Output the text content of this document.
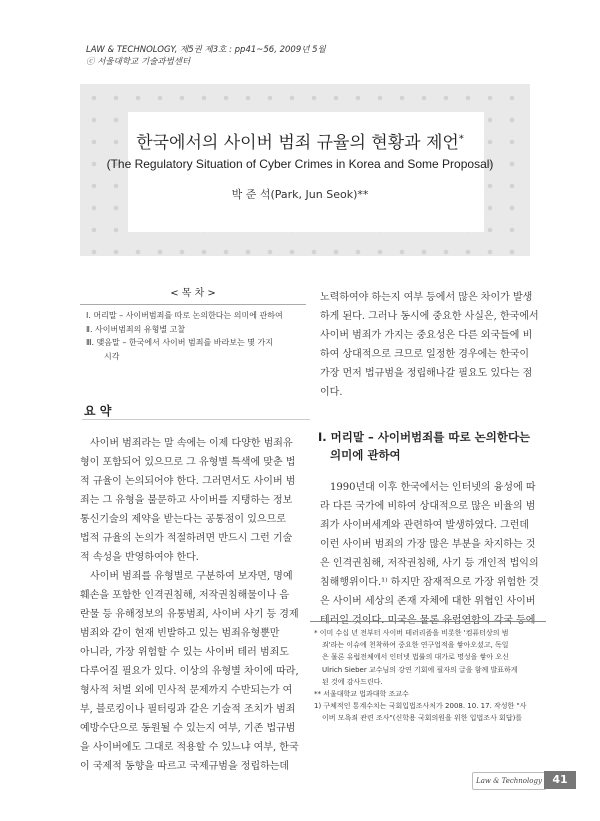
LAW & TECHNOLOGY, 제5권 제3호 : pp41~56, 2009년 5월
ⓒ 서울대학교 기술과법센터
한국에서의 사이버 범죄 규율의 현황과 제언*
(The Regulatory Situation of Cyber Crimes in Korea and Some Proposal)
박 준 석(Park, Jun Seok)**
< 목 차 >
Ⅰ. 머리말 – 사이버범죄를 따로 논의한다는 의미에 관하여
Ⅱ. 사이버범죄의 유형별 고찰
Ⅲ. 맺음말 – 한국에서 사이버 범죄를 바라보는 몇 가지
시각
요 약
사이버 범죄라는 말 속에는 이제 다양한 범죄유
형이 포함되어 있으므로 그 유형별 특색에 맞춘 법
적 규율이 논의되어야 한다. 그러면서도 사이버 범
죄는 그 유형을 불문하고 사이버를 지탱하는 정보
통신기술의 제약을 받는다는 공통점이 있으므로
법적 규율의 논의가 적절하려면 반드시 그런 기술
적 속성을 반영하여야 한다.
사이버 범죄를 유형별로 구분하여 보자면, 명예
훼손을 포함한 인격권침해, 저작권침해물이나 음
란물 등 유해정보의 유통범죄, 사이버 사기 등 경제
범죄와 같이 현재 빈발하고 있는 범죄유형뿐만
아니라, 가장 위험할 수 있는 사이버 테러 범죄도
다루어질 필요가 있다. 이상의 유형별 차이에 따라,
형사적 처벌 외에 민사적 문제까지 수반되는가 여
부, 블로킹이나 필터링과 같은 기술적 조치가 범죄
예방수단으로 동원될 수 있는지 여부, 기존 법규범
을 사이버에도 그대로 적용할 수 있느냐 여부, 한국
이 국제적 동향을 따르고 국제규범을 정립하는데
노력하여야 하는지 여부 등에서 많은 차이가 발생
하게 된다. 그러나 동시에 중요한 사실은, 한국에서
사이버 범죄가 가지는 중요성은 다른 외국들에 비
하여 상대적으로 크므로 일정한 경우에는 한국이
가장 먼저 법규범을 정립해나갈 필요도 있다는 점
이다.
Ⅰ. 머리말 – 사이버범죄를 따로 논의한다는
의미에 관하여
1990년대 이후 한국에서는 인터넷의 융성에 따
라 다른 국가에 비하여 상대적으로 많은 비율의 범
죄가 사이버세계와 관련하여 발생하였다. 그런데
이런 사이버 범죄의 가장 많은 부분을 차지하는 것
은 인격권침해, 저작권침해, 사기 등 개인적 법익의
침해행위이다.¹⁾ 하지만 잠재적으로 가장 위험한 것
은 사이버 세상의 존재 자체에 대한 위협인 사이버
테러일 것이다. 미국은 물론 유럽연합의 각국 등에
* 이미 수십 년 전부터 사이버 테러리즘을 비롯한 '컴퓨터상의 범
죄'라는 이슈에 천착하여 중요한 연구업적을 쌓아오셨고, 독일
은 물론 유럽전체에서 인터넷 법률의 대가로 명성을 쌓아 오신
Ulrich Sieber 교수님의 강연 기회에 필자의 글을 함께 발표하게
된 것에 감사드린다.
** 서울대학교 법과대학 조교수
1) 구체적인 통계수치는 국회입법조사처가 2008. 10. 17. 작성한 "사
이버 모욕죄 관련 조사"(신학용 국회의원을 위한 입법조사 회답)를
Law & Technology 41
